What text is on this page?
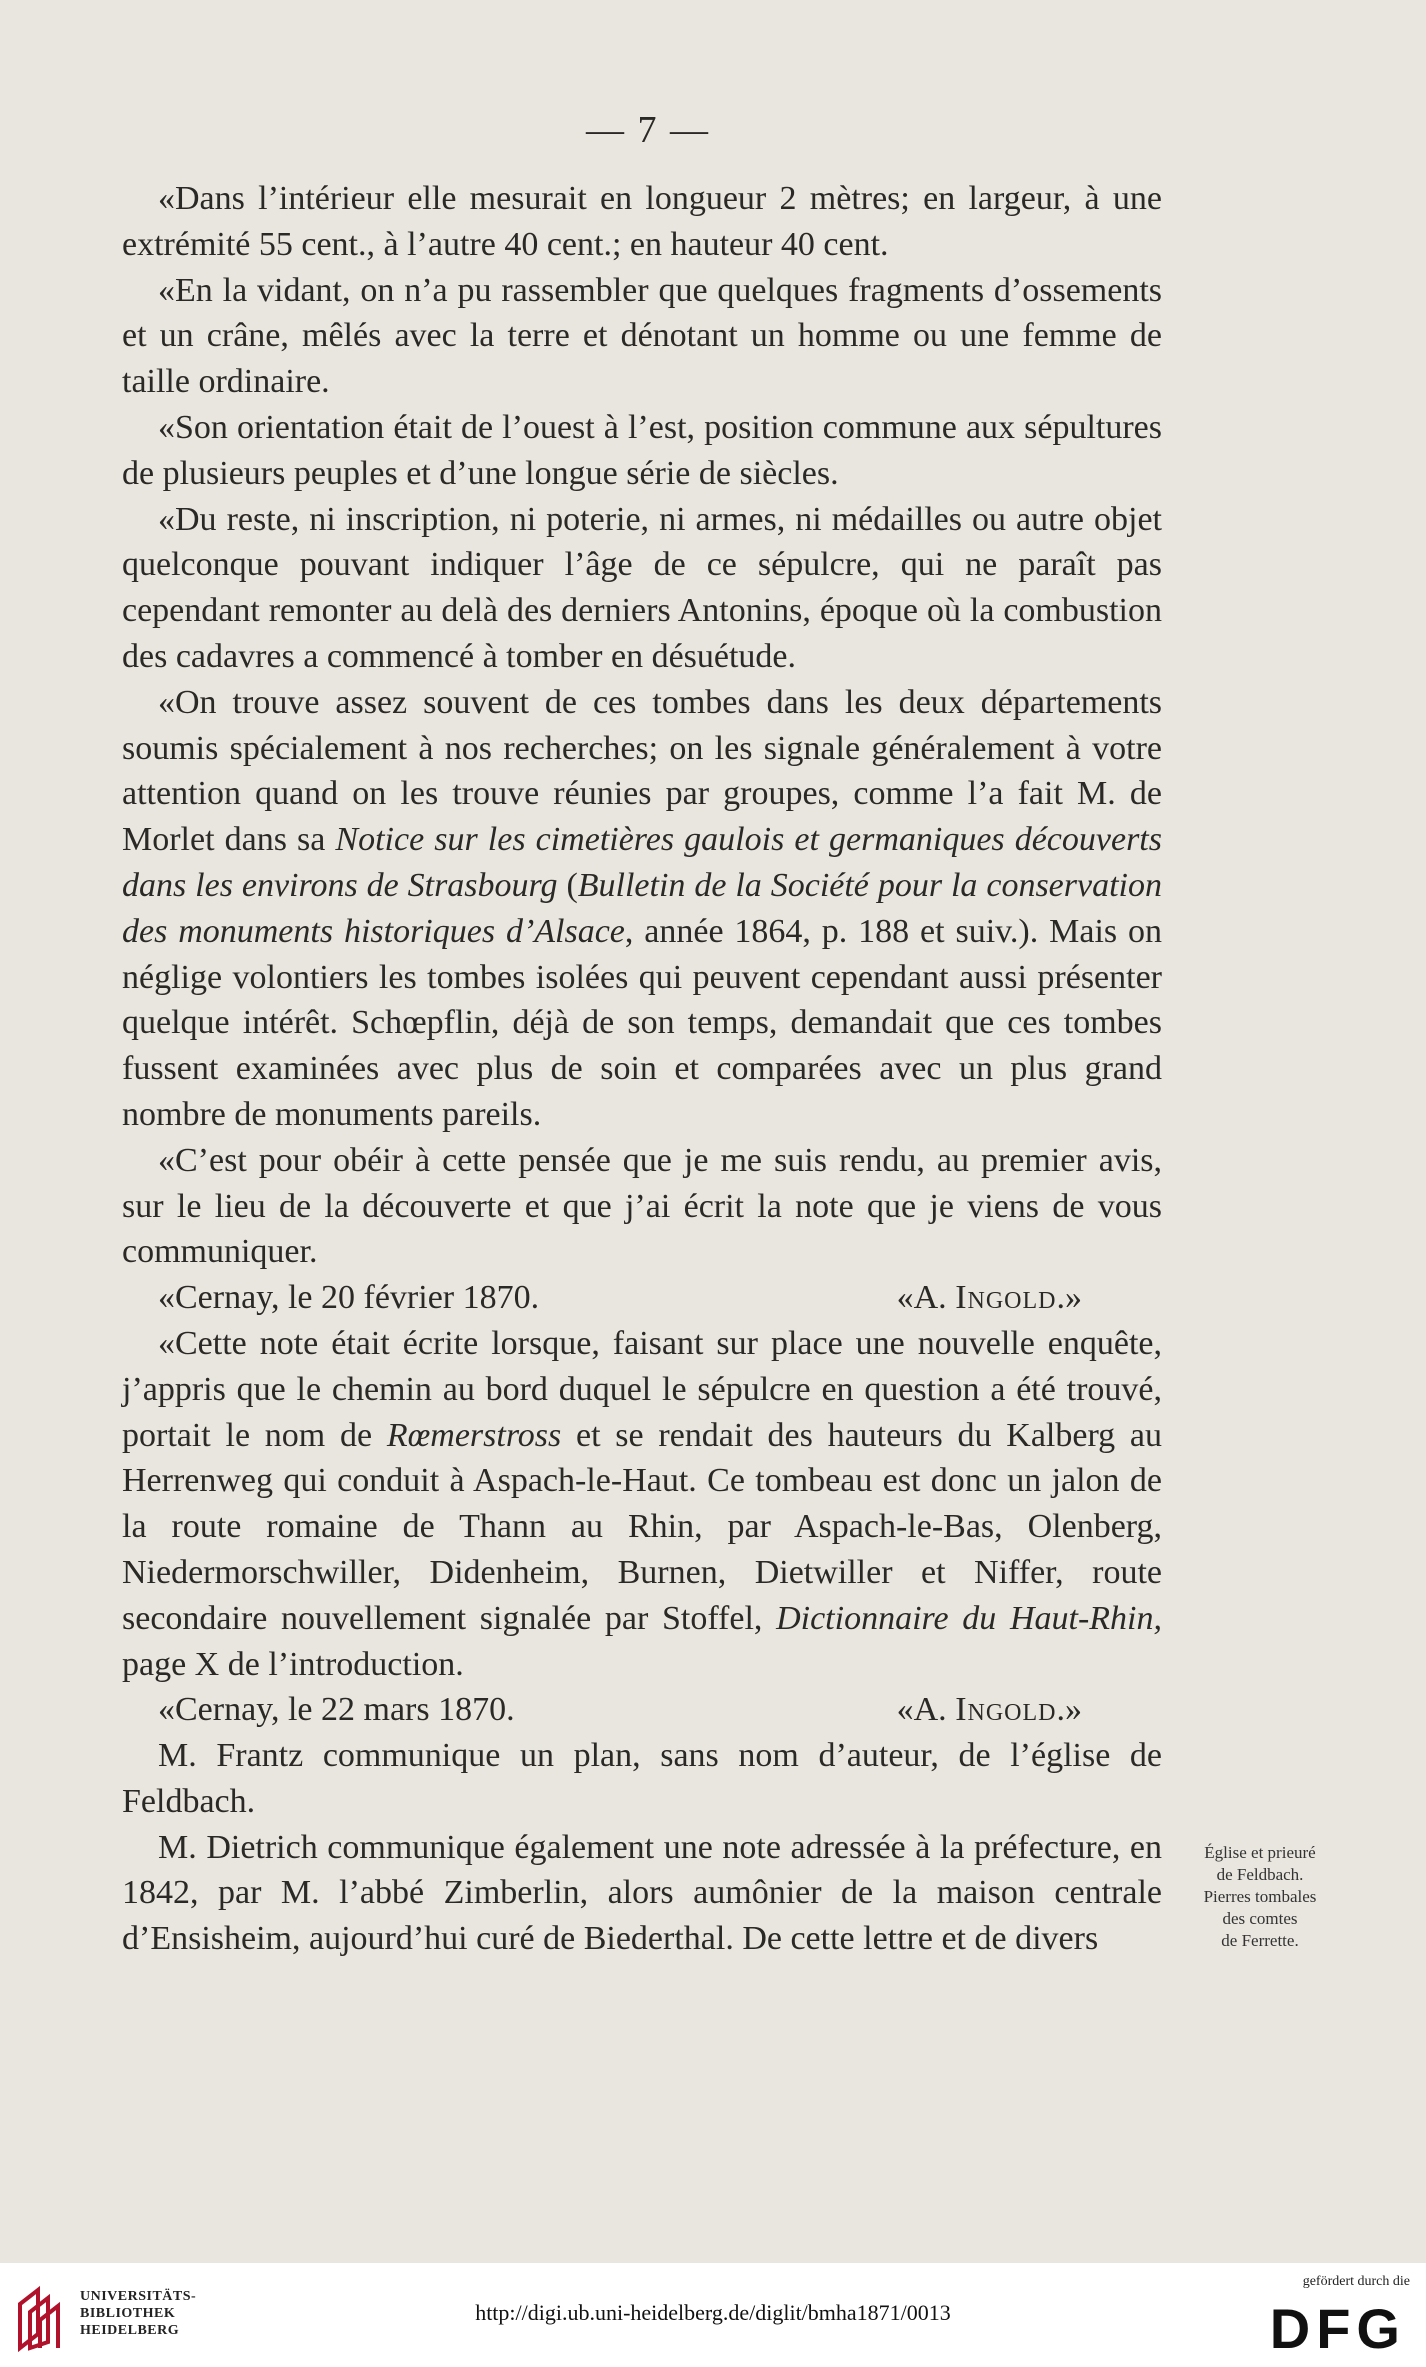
— 7 —

«Dans l’intérieur elle mesurait en longueur 2 mètres; en largeur, à une extrémité 55 cent., à l’autre 40 cent.; en hauteur 40 cent.

«En la vidant, on n’a pu rassembler que quelques fragments d’ossements et un crâne, mêlés avec la terre et dénotant un homme ou une femme de taille ordinaire.

«Son orientation était de l’ouest à l’est, position commune aux sépultures de plusieurs peuples et d’une longue série de siècles.

«Du reste, ni inscription, ni poterie, ni armes, ni médailles ou autre objet quelconque pouvant indiquer l’âge de ce sépulcre, qui ne paraît pas cependant remonter au delà des derniers Antonins, époque où la combustion des cadavres a commencé à tomber en désuétude.

«On trouve assez souvent de ces tombes dans les deux départements soumis spécialement à nos recherches; on les signale généralement à votre attention quand on les trouve réunies par groupes, comme l’a fait M. de Morlet dans sa Notice sur les cimetières gaulois et germaniques découverts dans les environs de Strasbourg (Bulletin de la Société pour la conservation des monuments historiques d’Alsace, année 1864, p. 188 et suiv.). Mais on néglige volontiers les tombes isolées qui peuvent cependant aussi présenter quelque intérêt. Schœpflin, déjà de son temps, demandait que ces tombes fussent examinées avec plus de soin et comparées avec un plus grand nombre de monuments pareils.

«C’est pour obéir à cette pensée que je me suis rendu, au premier avis, sur le lieu de la découverte et que j’ai écrit la note que je viens de vous communiquer.

«Cernay, le 20 février 1870.	«A. Ingold.»

«Cette note était écrite lorsque, faisant sur place une nouvelle enquête, j’appris que le chemin au bord duquel le sépulcre en question a été trouvé, portait le nom de Rœmerstross et se rendait des hauteurs du Kalberg au Herrenweg qui conduit à Aspach-le-Haut. Ce tombeau est donc un jalon de la route romaine de Thann au Rhin, par Aspach-le-Bas, Olenberg, Niedermorschwiller, Didenheim, Burnen, Dietwiller et Niffer, route secondaire nouvellement signalée par Stoffel, Dictionnaire du Haut-Rhin, page X de l’introduction.

«Cernay, le 22 mars 1870.	«A. Ingold.»

M. Frantz communique un plan, sans nom d’auteur, de l’église de Feldbach.

M. Dietrich communique également une note adressée à la préfecture, en 1842, par M. l’abbé Zimberlin, alors aumônier de la maison centrale d’Ensisheim, aujourd’hui curé de Biederthal. De cette lettre et de divers

Église et prieuré
de Feldbach.
Pierres tombales
des comtes
de Ferrette.
UNIVERSITÄTS-
BIBLIOTHEK
HEIDELBERG
http://digi.ub.uni-heidelberg.de/diglit/bmha1871/0013
gefördert durch die
DFG
